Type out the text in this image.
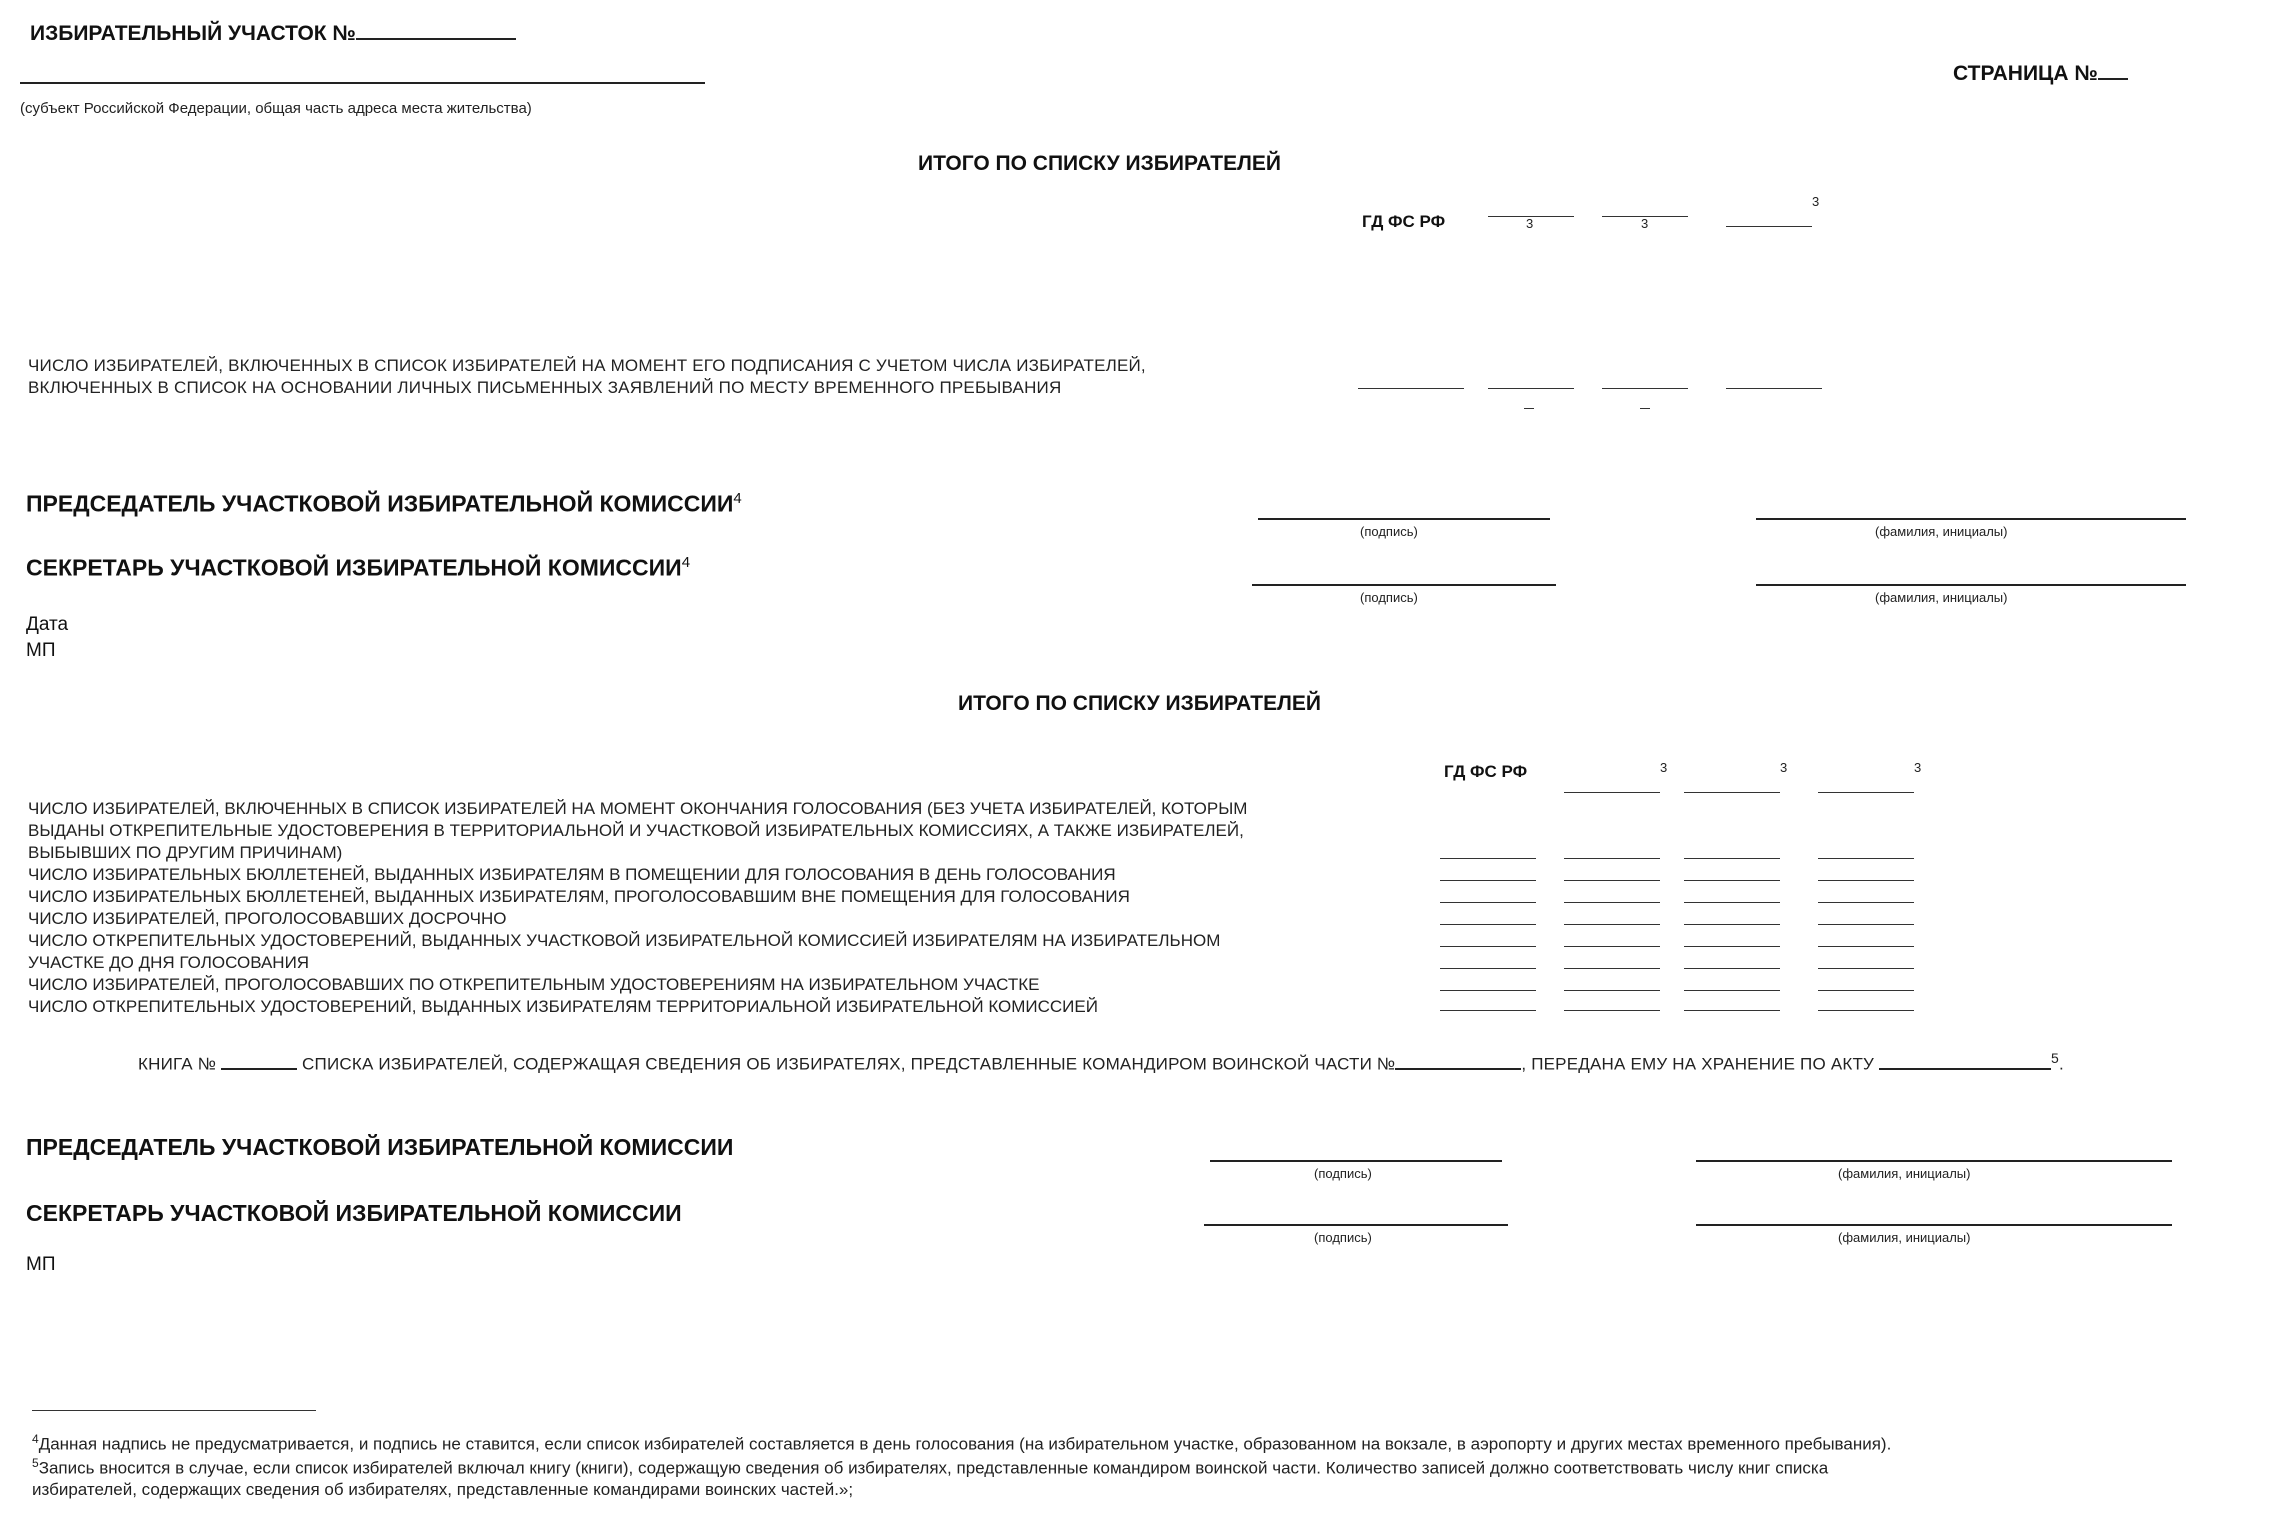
ИЗБИРАТЕЛЬНЫЙ УЧАСТОК №
(субъект Российской Федерации, общая часть адреса места жительства)
СТРАНИЦА №
ИТОГО ПО СПИСКУ ИЗБИРАТЕЛЕЙ
ГД ФС РФ	3	3
3
ЧИСЛО ИЗБИРАТЕЛЕЙ, ВКЛЮЧЕННЫХ В СПИСОК ИЗБИРАТЕЛЕЙ НА МОМЕНТ ЕГО ПОДПИСАНИЯ С УЧЕТОМ ЧИСЛА ИЗБИРАТЕЛЕЙ,
ВКЛЮЧЕННЫХ В СПИСОК НА ОСНОВАНИИ ЛИЧНЫХ ПИСЬМЕННЫХ ЗАЯВЛЕНИЙ ПО МЕСТУ ВРЕМЕННОГО ПРЕБЫВАНИЯ
ПРЕДСЕДАТЕЛЬ УЧАСТКОВОЙ ИЗБИРАТЕЛЬНОЙ КОМИССИИ$^4$
(подпись)	(фамилия, инициалы)
СЕКРЕТАРЬ УЧАСТКОВОЙ ИЗБИРАТЕЛЬНОЙ КОМИССИИ$^4$
(подпись)	(фамилия, инициалы)
Дата
МП
ИТОГО ПО СПИСКУ ИЗБИРАТЕЛЕЙ
ГД ФС РФ	3	3	3
ЧИСЛО ИЗБИРАТЕЛЕЙ, ВКЛЮЧЕННЫХ В СПИСОК ИЗБИРАТЕЛЕЙ НА МОМЕНТ ОКОНЧАНИЯ ГОЛОСОВАНИЯ (БЕЗ УЧЕТА ИЗБИРАТЕЛЕЙ, КОТОРЫМ
ВЫДАНЫ ОТКРЕПИТЕЛЬНЫЕ УДОСТОВЕРЕНИЯ В ТЕРРИТОРИАЛЬНОЙ И УЧАСТКОВОЙ ИЗБИРАТЕЛЬНЫХ КОМИССИЯХ, А ТАКЖЕ ИЗБИРАТЕЛЕЙ,
ВЫБЫВШИХ ПО ДРУГИМ ПРИЧИНАМ)
ЧИСЛО ИЗБИРАТЕЛЬНЫХ БЮЛЛЕТЕНЕЙ, ВЫДАННЫХ ИЗБИРАТЕЛЯМ В ПОМЕЩЕНИИ ДЛЯ ГОЛОСОВАНИЯ В ДЕНЬ ГОЛОСОВАНИЯ
ЧИСЛО ИЗБИРАТЕЛЬНЫХ БЮЛЛЕТЕНЕЙ, ВЫДАННЫХ ИЗБИРАТЕЛЯМ, ПРОГОЛОСОВАВШИМ ВНЕ ПОМЕЩЕНИЯ ДЛЯ ГОЛОСОВАНИЯ
ЧИСЛО ИЗБИРАТЕЛЕЙ, ПРОГОЛОСОВАВШИХ ДОСРОЧНО
ЧИСЛО ОТКРЕПИТЕЛЬНЫХ УДОСТОВЕРЕНИЙ, ВЫДАННЫХ УЧАСТКОВОЙ ИЗБИРАТЕЛЬНОЙ КОМИССИЕЙ ИЗБИРАТЕЛЯМ НА ИЗБИРАТЕЛЬНОМ
УЧАСТКЕ ДО ДНЯ ГОЛОСОВАНИЯ
ЧИСЛО ИЗБИРАТЕЛЕЙ, ПРОГОЛОСОВАВШИХ ПО ОТКРЕПИТЕЛЬНЫМ УДОСТОВЕРЕНИЯМ НА ИЗБИРАТЕЛЬНОМ УЧАСТКЕ
ЧИСЛО ОТКРЕПИТЕЛЬНЫХ УДОСТОВЕРЕНИЙ, ВЫДАННЫХ ИЗБИРАТЕЛЯМ ТЕРРИТОРИАЛЬНОЙ ИЗБИРАТЕЛЬНОЙ КОМИССИЕЙ
КНИГА №	СПИСКА ИЗБИРАТЕЛЕЙ, СОДЕРЖАЩАЯ СВЕДЕНИЯ ОБ ИЗБИРАТЕЛЯХ, ПРЕДСТАВЛЕННЫЕ КОМАНДИРОМ ВОИНСКОЙ ЧАСТИ №	, ПЕРЕДАНА ЕМУ НА ХРАНЕНИЕ ПО АКТУ	$^5$.
ПРЕДСЕДАТЕЛЬ УЧАСТКОВОЙ ИЗБИРАТЕЛЬНОЙ КОМИССИИ
(подпись)	(фамилия, инициалы)
СЕКРЕТАРЬ УЧАСТКОВОЙ ИЗБИРАТЕЛЬНОЙ КОМИССИИ
(подпись)	(фамилия, инициалы)
МП
$^4$Данная надпись не предусматривается, и подпись не ставится, если список избирателей составляется в день голосования (на избирательном участке, образованном на вокзале, в аэропорту и других местах временного пребывания).
$^5$Запись вносится в случае, если список избирателей включал книгу (книги), содержащую сведения об избирателях, представленные командиром воинской части. Количество записей должно соответствовать числу книг списка
избирателей, содержащих сведения об избирателях, представленные командирами воинских частей.»;
